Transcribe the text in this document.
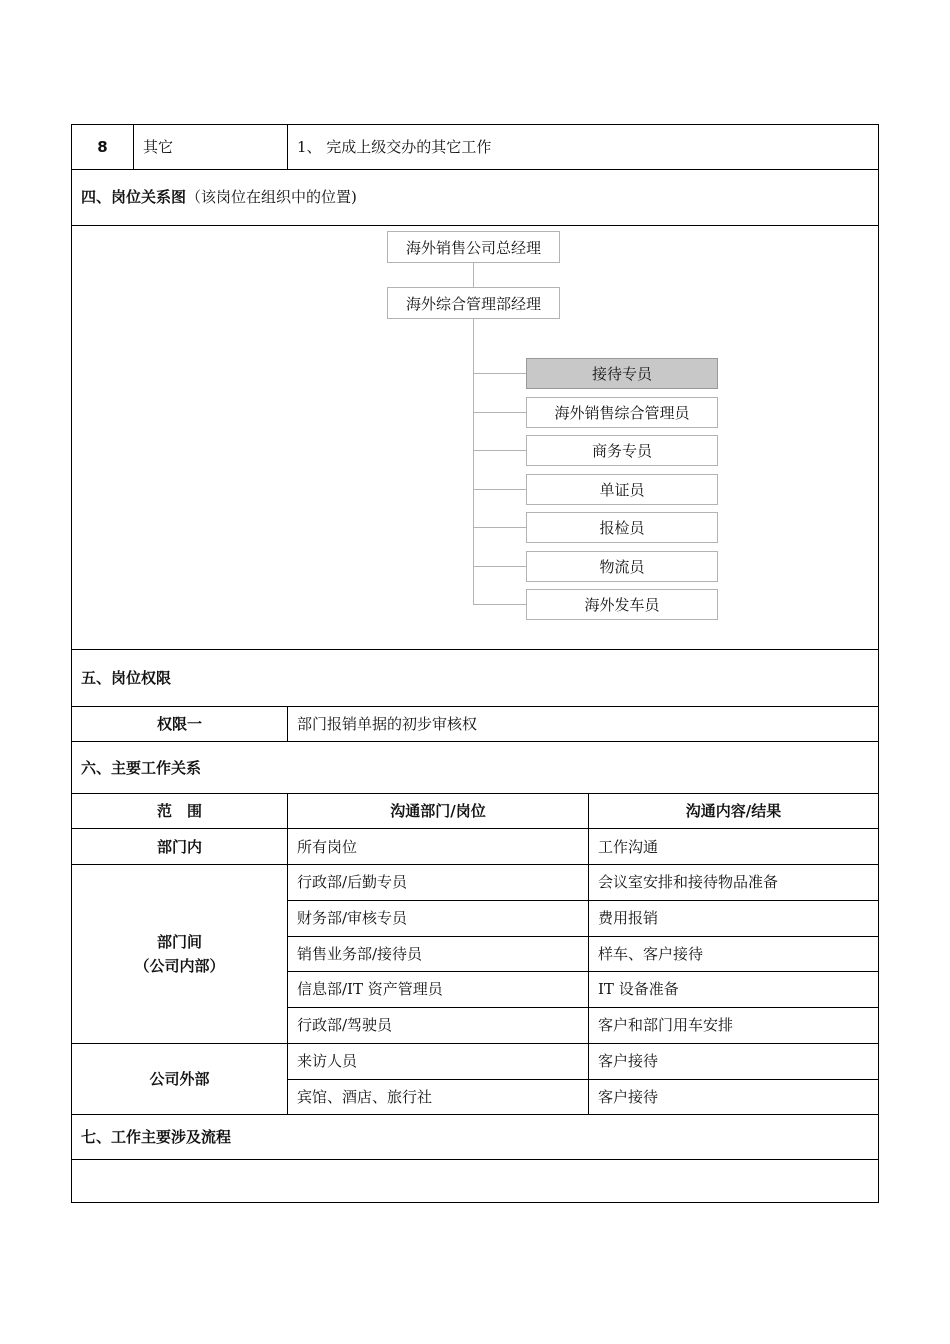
8	其它	1、 完成上级交办的其它工作
四、岗位关系图（该岗位在组织中的位置)
海外销售公司总经理
海外综合管理部经理
接待专员
海外销售综合管理员
商务专员
单证员
报检员
物流员
海外发车员
五、岗位权限
权限一	部门报销单据的初步审核权
六、主要工作关系
范　围	沟通部门/岗位	沟通内容/结果
部门内	所有岗位	工作沟通
部门间
（公司内部）
行政部/后勤专员	会议室安排和接待物品准备
财务部/审核专员	费用报销
销售业务部/接待员	样车、客户接待
信息部/IT 资产管理员	IT 设备准备
行政部/驾驶员	客户和部门用车安排
公司外部
来访人员	客户接待
宾馆、酒店、旅行社	客户接待
七、工作主要涉及流程
